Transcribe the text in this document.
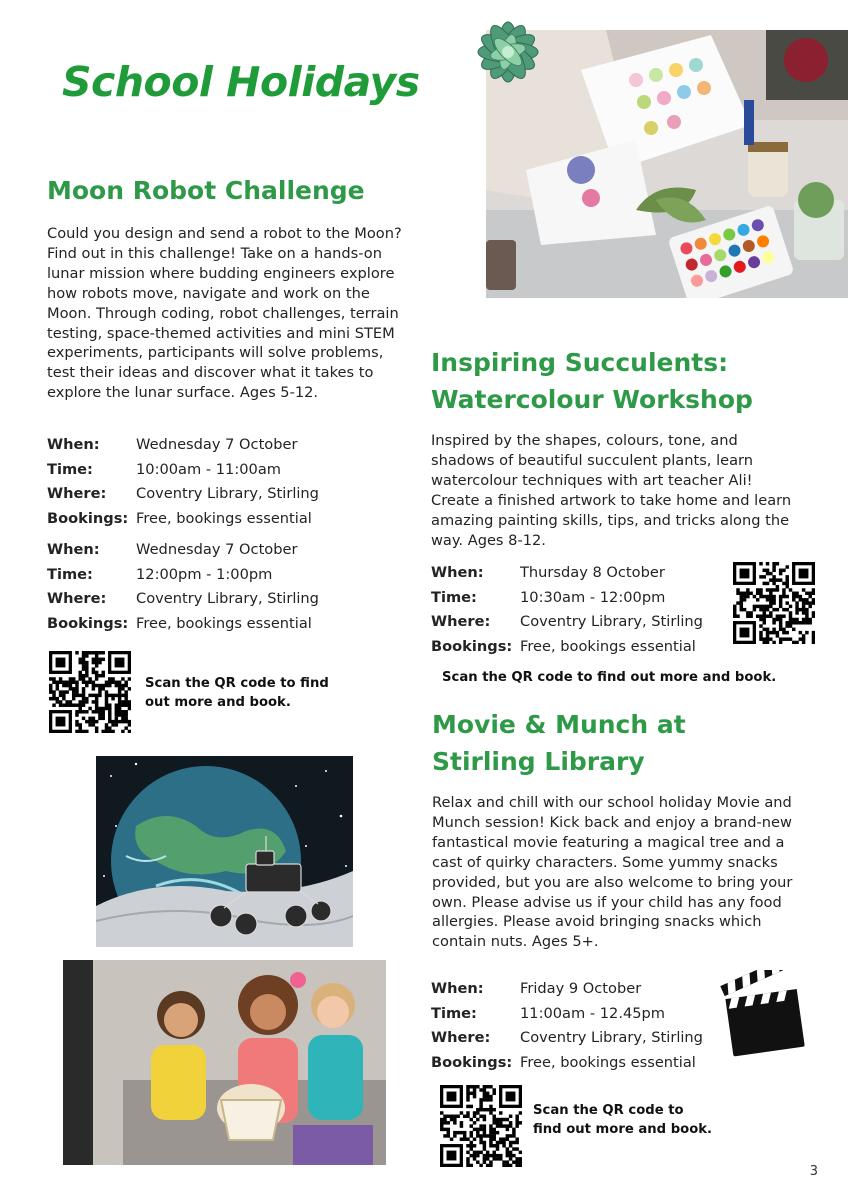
School Holidays
Moon Robot Challenge
Could you design and send a robot to the Moon? Find out in this challenge! Take on a hands-on lunar mission where budding engineers explore how robots move, navigate and work on the Moon. Through coding, robot challenges, terrain testing, space-themed activities and mini STEM experiments, participants will solve problems, test their ideas and discover what it takes to explore the lunar surface. Ages 5-12.
When:	Wednesday 7 October
Time:	10:00am - 11:00am
Where:	Coventry Library, Stirling
Bookings: Free, bookings essential
When:	Wednesday 7 October
Time:	12:00pm - 1:00pm
Where:	Coventry Library, Stirling
Bookings: Free, bookings essential
Scan the QR code to find
out more and book.
Inspiring Succulents:
Watercolour Workshop
Inspired by the shapes, colours, tone, and shadows of beautiful succulent plants, learn watercolour techniques with art teacher Ali! Create a finished artwork to take home and learn amazing painting skills, tips, and tricks along the way. Ages 8-12.
When:	Thursday 8 October
Time:	10:30am - 12:00pm
Where:	Coventry Library, Stirling
Bookings: Free, bookings essential
Scan the QR code to find out more and book.
Movie & Munch at
Stirling Library
Relax and chill with our school holiday Movie and Munch session! Kick back and enjoy a brand-new fantastical movie featuring a magical tree and a cast of quirky characters. Some yummy snacks provided, but you are also welcome to bring your own. Please advise us if your child has any food allergies. Please avoid bringing snacks which contain nuts. Ages 5+.
When:	Friday 9 October
Time:	11:00am - 12.45pm
Where:	Coventry Library, Stirling
Bookings: Free, bookings essential
Scan the QR code to
find out more and book.
3
